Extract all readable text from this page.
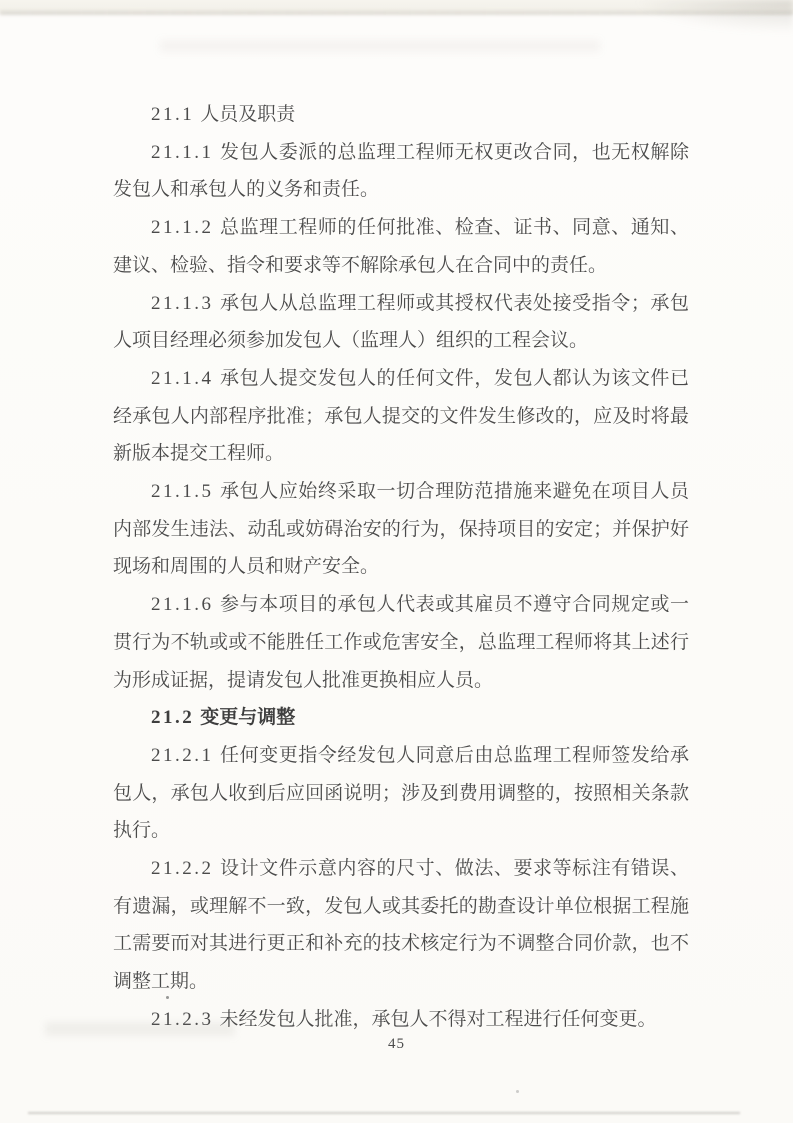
21.1 人员及职责

21.1.1 发包人委派的总监理工程师无权更改合同，也无权解除发包人和承包人的义务和责任。

21.1.2 总监理工程师的任何批准、检查、证书、同意、通知、建议、检验、指令和要求等不解除承包人在合同中的责任。

21.1.3 承包人从总监理工程师或其授权代表处接受指令；承包人项目经理必须参加发包人（监理人）组织的工程会议。

21.1.4 承包人提交发包人的任何文件，发包人都认为该文件已经承包人内部程序批准；承包人提交的文件发生修改的，应及时将最新版本提交工程师。

21.1.5 承包人应始终采取一切合理防范措施来避免在项目人员内部发生违法、动乱或妨碍治安的行为，保持项目的安定；并保护好现场和周围的人员和财产安全。

21.1.6 参与本项目的承包人代表或其雇员不遵守合同规定或一贯行为不轨或或不能胜任工作或危害安全，总监理工程师将其上述行为形成证据，提请发包人批准更换相应人员。

21.2 变更与调整

21.2.1 任何变更指令经发包人同意后由总监理工程师签发给承包人，承包人收到后应回函说明；涉及到费用调整的，按照相关条款执行。

21.2.2 设计文件示意内容的尺寸、做法、要求等标注有错误、有遗漏，或理解不一致，发包人或其委托的勘查设计单位根据工程施工需要而对其进行更正和补充的技术核定行为不调整合同价款，也不调整工期。

21.2.3 未经发包人批准，承包人不得对工程进行任何变更。

45
